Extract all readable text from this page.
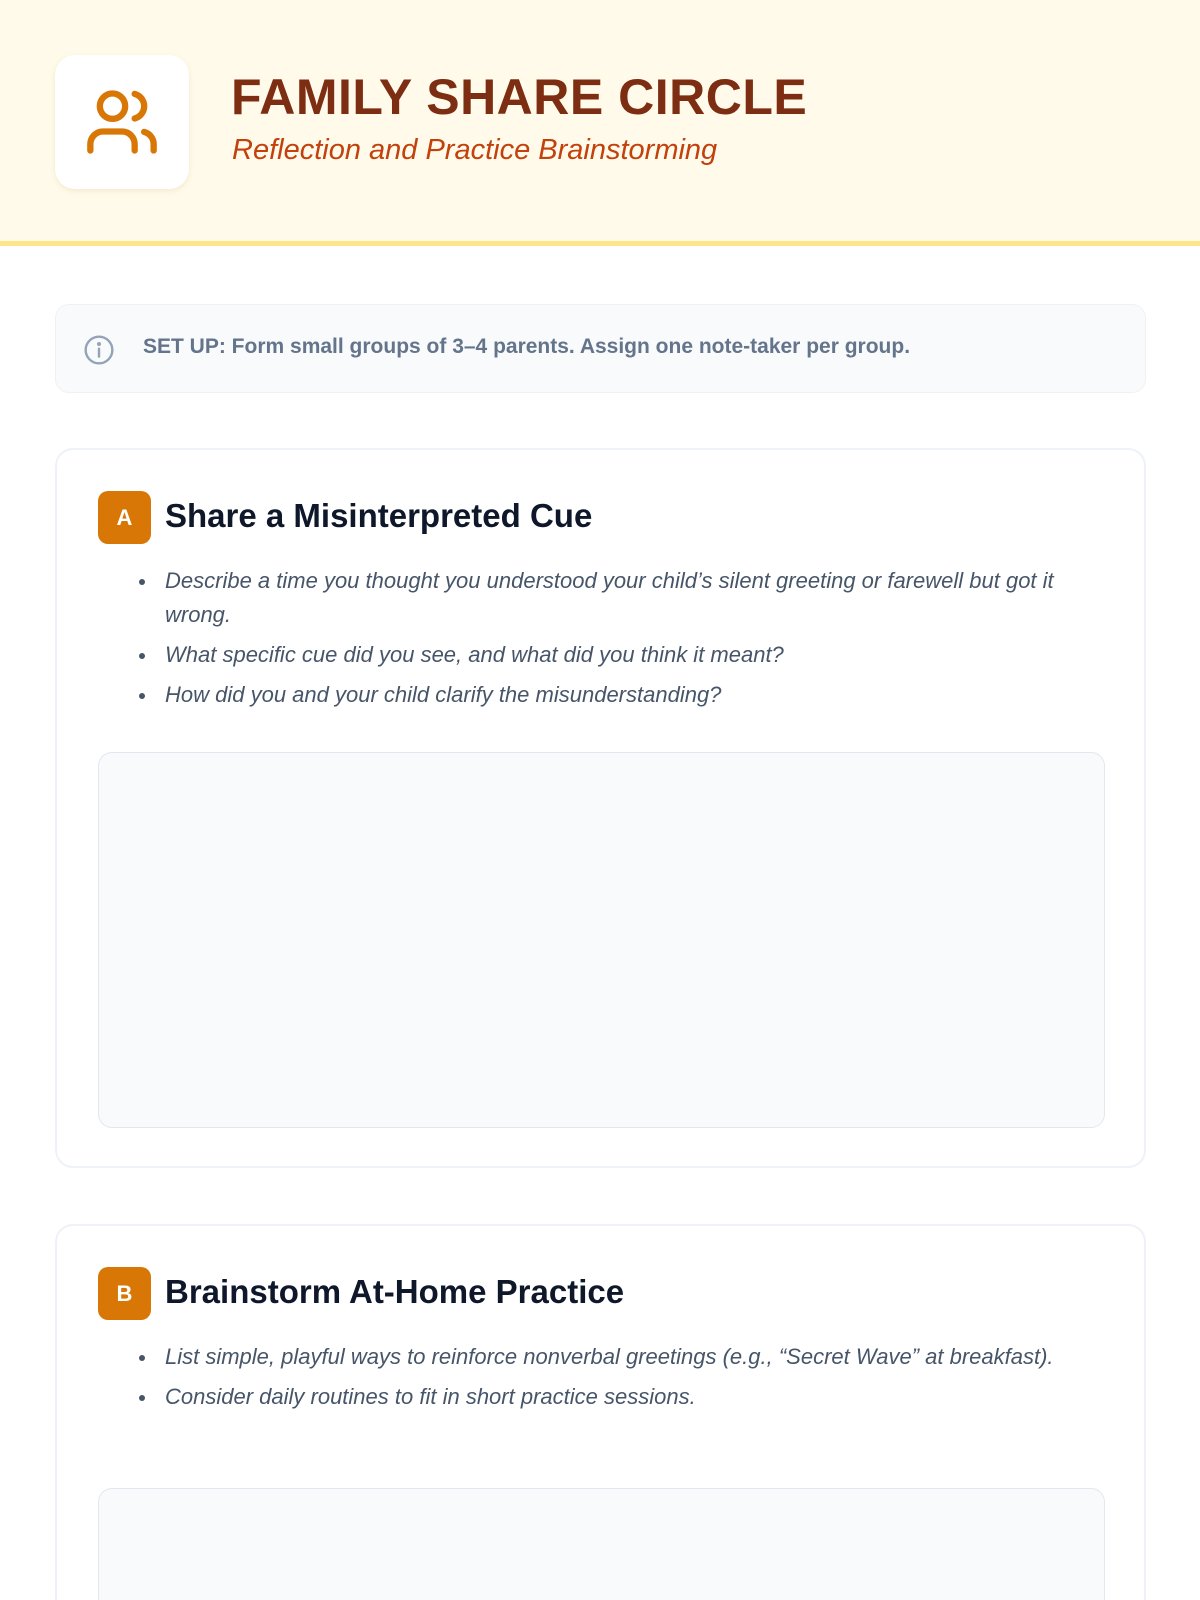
FAMILY SHARE CIRCLE
Reflection and Practice Brainstorming
SET UP: Form small groups of 3–4 parents. Assign one note-taker per group.
A Share a Misinterpreted Cue
Describe a time you thought you understood your child’s silent greeting or farewell but got it wrong.
What specific cue did you see, and what did you think it meant?
How did you and your child clarify the misunderstanding?
B Brainstorm At-Home Practice
List simple, playful ways to reinforce nonverbal greetings (e.g., “Secret Wave” at breakfast).
Consider daily routines to fit in short practice sessions.
